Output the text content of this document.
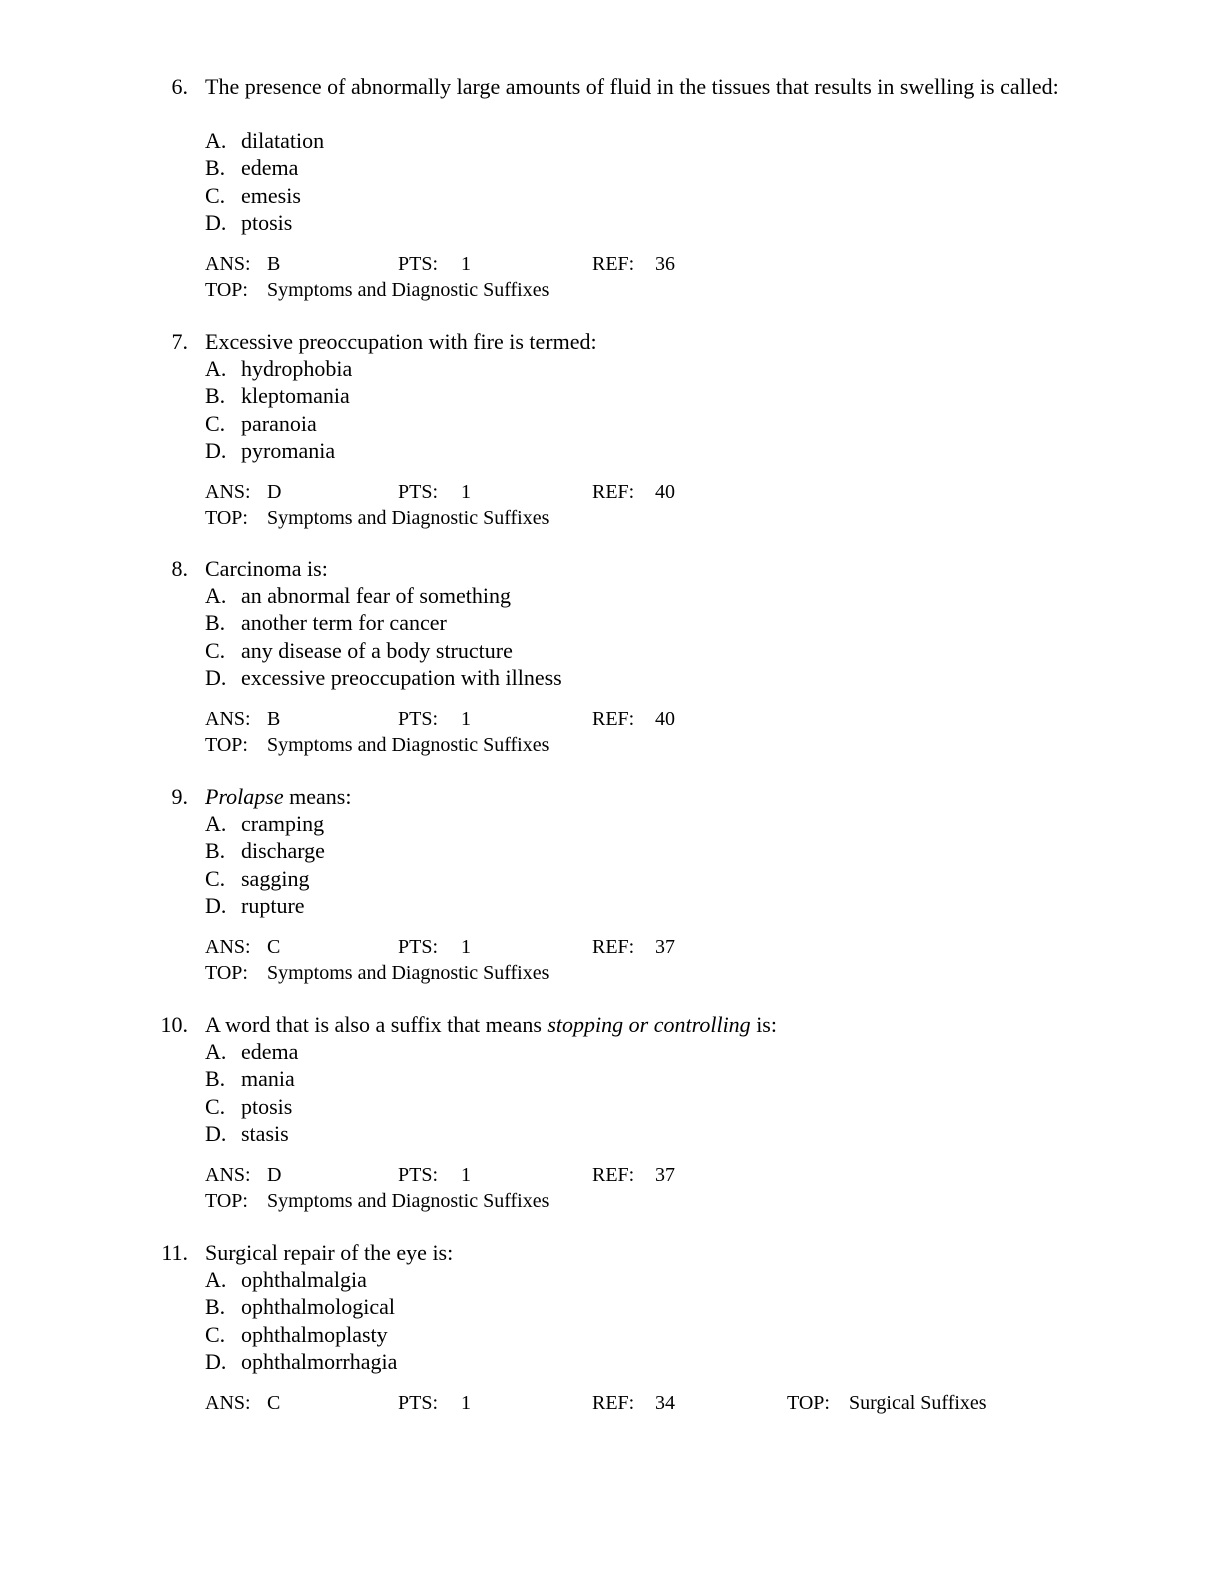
6. The presence of abnormally large amounts of fluid in the tissues that results in swelling is called:
A. dilatation
B. edema
C. emesis
D. ptosis
ANS: B	PTS: 1	REF: 36
TOP: Symptoms and Diagnostic Suffixes
7. Excessive preoccupation with fire is termed:
A. hydrophobia
B. kleptomania
C. paranoia
D. pyromania
ANS: D	PTS: 1	REF: 40
TOP: Symptoms and Diagnostic Suffixes
8. Carcinoma is:
A. an abnormal fear of something
B. another term for cancer
C. any disease of a body structure
D. excessive preoccupation with illness
ANS: B	PTS: 1	REF: 40
TOP: Symptoms and Diagnostic Suffixes
9. Prolapse means:
A. cramping
B. discharge
C. sagging
D. rupture
ANS: C	PTS: 1	REF: 37
TOP: Symptoms and Diagnostic Suffixes
10. A word that is also a suffix that means stopping or controlling is:
A. edema
B. mania
C. ptosis
D. stasis
ANS: D	PTS: 1	REF: 37
TOP: Symptoms and Diagnostic Suffixes
11. Surgical repair of the eye is:
A. ophthalmalgia
B. ophthalmological
C. ophthalmoplasty
D. ophthalmorrhagia
ANS: C	PTS: 1	REF: 34	TOP: Surgical Suffixes
